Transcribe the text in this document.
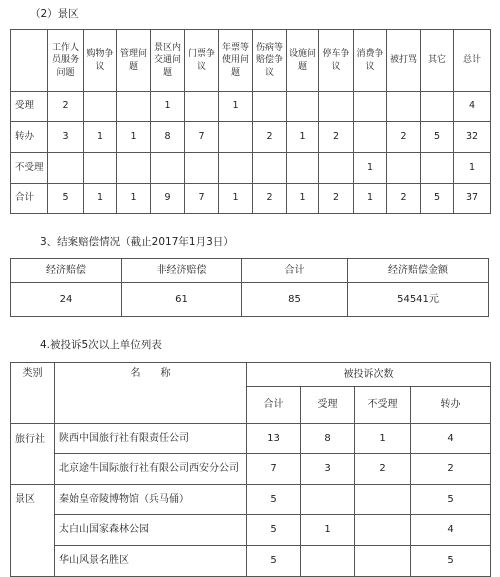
（2）景区
	工作人员服务问题	购物争议	管理问题	景区内交通问题	门票争议	年票等使用问题	伤病等赔偿争议	设施问题	停车争议	消费争议	被打骂	其它	总计
受理	2			1		1							4
转办	3	1	1	8	7		2	1	2		2	5	32
不受理										1			1
合计	5	1	1	9	7	1	2	1	2	1	2	5	37
3、结案赔偿情况（截止2017年1月3日）
经济赔偿	非经济赔偿	合计	经济赔偿金额
24	61	85	54541元
4.被投诉5次以上单位列表
类别	名　　称	被投诉次数			
		合计	受理	不受理	转办
旅行社	陕西中国旅行社有限责任公司	13	8	1	4
	北京途牛国际旅行社有限公司西安分公司	7	3	2	2
景区	秦始皇帝陵博物馆（兵马俑）	5			5
	太白山国家森林公园	5	1		4
	华山风景名胜区	5			5
